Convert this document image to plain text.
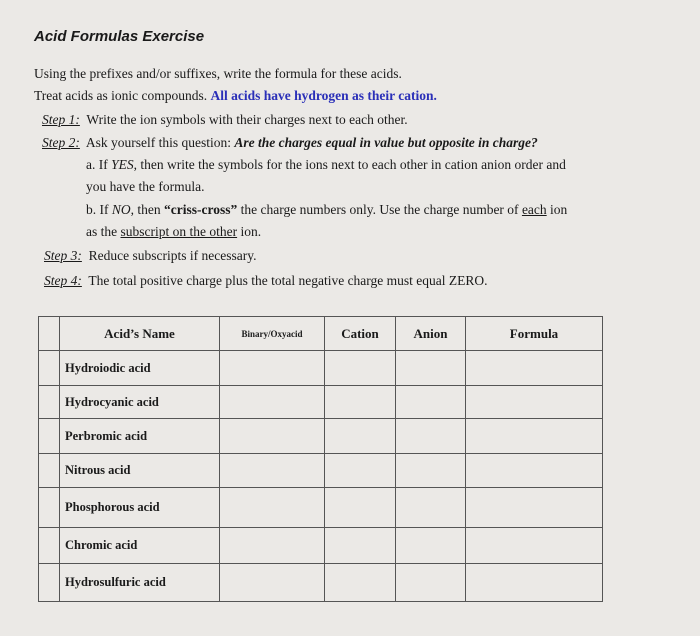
Acid Formulas Exercise
Using the prefixes and/or suffixes, write the formula for these acids.
Treat acids as ionic compounds. All acids have hydrogen as their cation.
Step 1: Write the ion symbols with their charges next to each other.
Step 2: Ask yourself this question: Are the charges equal in value but opposite in charge?
a. If YES, then write the symbols for the ions next to each other in cation anion order and
you have the formula.
b. If NO, then “criss-cross” the charge numbers only. Use the charge number of each ion
as the subscript on the other ion.
Step 3: Reduce subscripts if necessary.
Step 4: The total positive charge plus the total negative charge must equal ZERO.
	Acid’s Name	Binary/Oxyacid	Cation	Anion	Formula
	Hydroiodic acid				
	Hydrocyanic acid				
	Perbromic acid				
	Nitrous acid				
	Phosphorous acid				
	Chromic acid				
	Hydrosulfuric acid				
